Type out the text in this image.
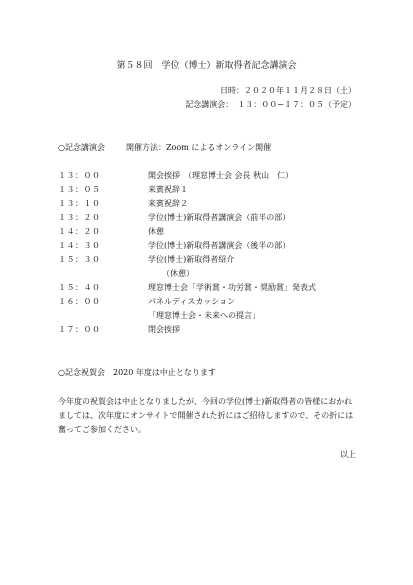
第５８回　学位（博士）新取得者記念講演会
日時：２０２０年１１月２８日（土）
記念講演会：　１３：００−１７：０５（予定）
○記念講演会	開催方法：Zoom によるオンライン開催
１３：００	開会挨拶　（理窓博士会 会長 秋山　仁）
１３：０５	来賓祝辞１
１３：１０	来賓祝辞２
１３：２０	学位(博士)新取得者講演会（前半の部）
１４：２０	休憩
１４：３０	学位(博士)新取得者講演会（後半の部）
１５：３０	学位(博士)新取得者紹介
（休憩）
１５：４０	理窓博士会「学術賞・功労賞・奨励賞」発表式
１６：００	パネルディスカッション
「理窓博士会・未来への提言」
１７：００	閉会挨拶
○記念祝賀会　2020 年度は中止となります
今年度の祝賀会は中止となりましたが、今回の学位(博士)新取得者の皆様におかれましては、次年度にオンサイトで開催された折にはご招待しますので、その折には奮ってご参加ください。
以上
